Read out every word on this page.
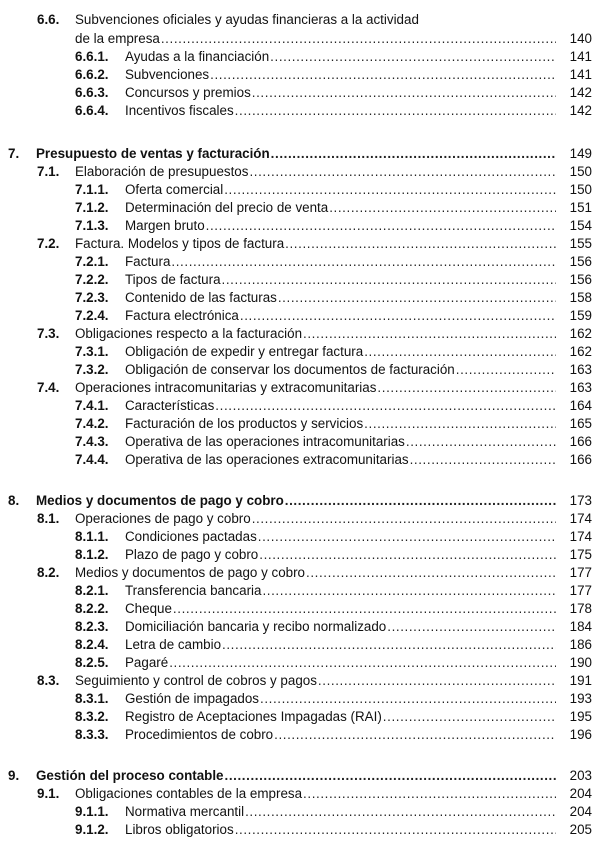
6.6. Subvenciones oficiales y ayudas financieras a la actividad
de la empresa .....	140
6.6.1. Ayudas a la financiación .....	141
6.6.2. Subvenciones .....	141
6.6.3. Concursos y premios .....	142
6.6.4. Incentivos fiscales .....	142
7. Presupuesto de ventas y facturación .....	149
7.1. Elaboración de presupuestos .....	150
7.1.1. Oferta comercial .....	150
7.1.2. Determinación del precio de venta .....	151
7.1.3. Margen bruto .....	154
7.2. Factura. Modelos y tipos de factura .....	155
7.2.1. Factura .....	156
7.2.2. Tipos de factura .....	156
7.2.3. Contenido de las facturas .....	158
7.2.4. Factura electrónica .....	159
7.3. Obligaciones respecto a la facturación .....	162
7.3.1. Obligación de expedir y entregar factura .....	162
7.3.2. Obligación de conservar los documentos de facturación .....	163
7.4. Operaciones intracomunitarias y extracomunitarias .....	163
7.4.1. Características .....	164
7.4.2. Facturación de los productos y servicios .....	165
7.4.3. Operativa de las operaciones intracomunitarias .....	166
7.4.4. Operativa de las operaciones extracomunitarias .....	166
8. Medios y documentos de pago y cobro .....	173
8.1. Operaciones de pago y cobro .....	174
8.1.1. Condiciones pactadas .....	174
8.1.2. Plazo de pago y cobro .....	175
8.2. Medios y documentos de pago y cobro .....	177
8.2.1. Transferencia bancaria .....	177
8.2.2. Cheque .....	178
8.2.3. Domiciliación bancaria y recibo normalizado .....	184
8.2.4. Letra de cambio .....	186
8.2.5. Pagaré .....	190
8.3. Seguimiento y control de cobros y pagos .....	191
8.3.1. Gestión de impagados .....	193
8.3.2. Registro de Aceptaciones Impagadas (RAI) .....	195
8.3.3. Procedimientos de cobro .....	196
9. Gestión del proceso contable .....	203
9.1. Obligaciones contables de la empresa .....	204
9.1.1. Normativa mercantil .....	204
9.1.2. Libros obligatorios .....	205
